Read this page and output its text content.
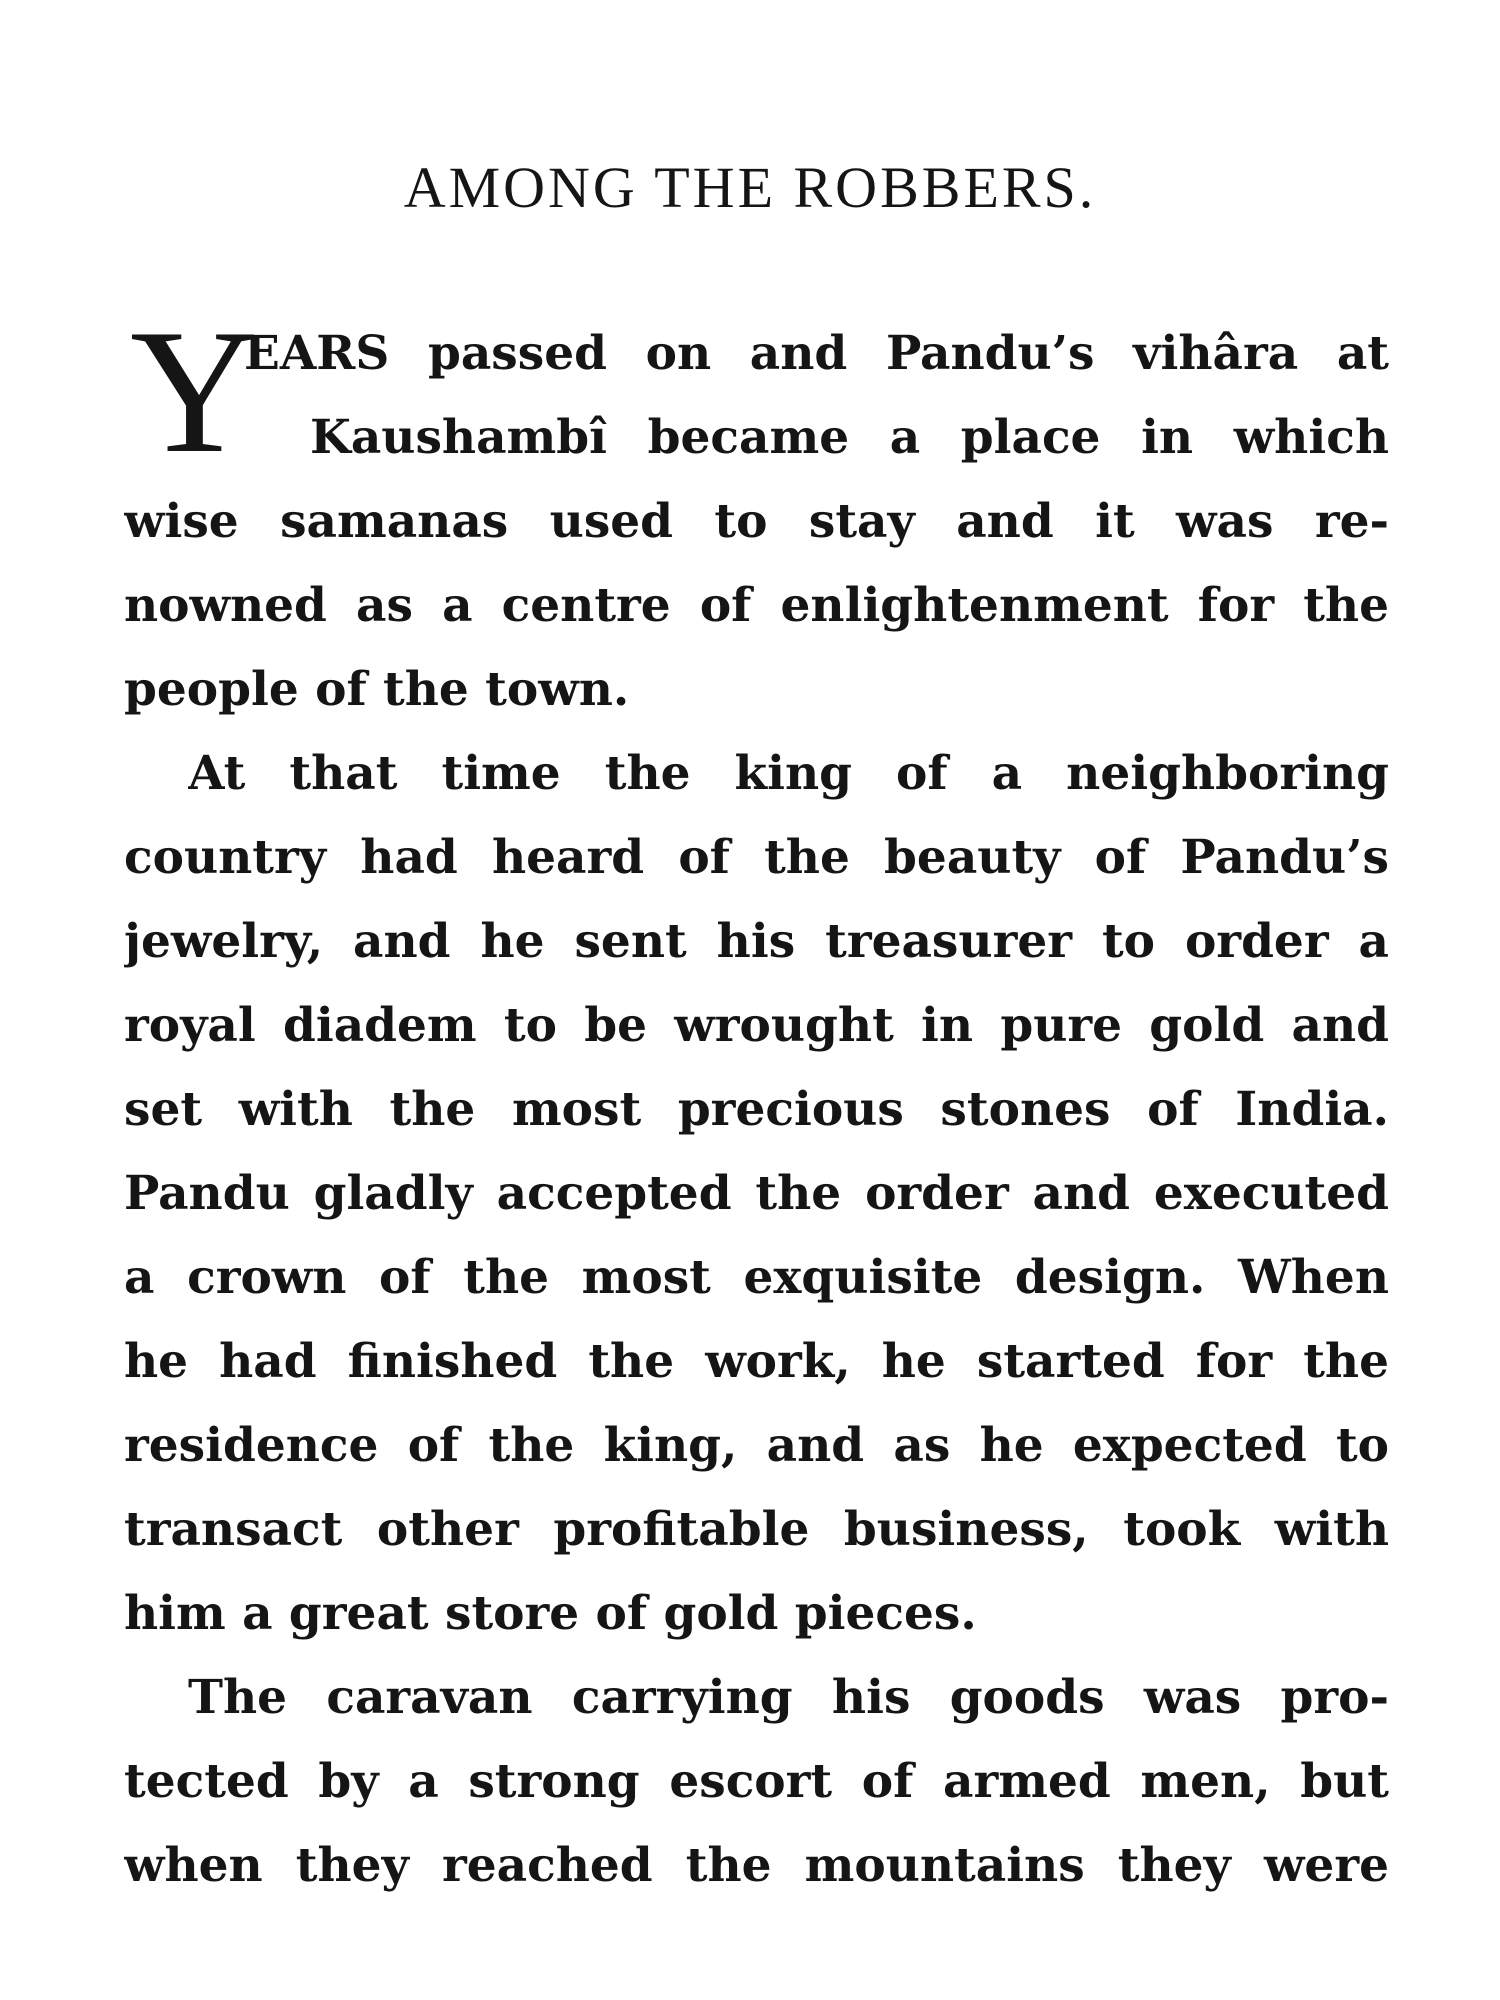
AMONG THE ROBBERS.
Y
EARS passed on and Pandu’s vihâra at
Kaushambî became a place in which
wise samanas used to stay and it was re-
nowned as a centre of enlightenment for the
people of the town.
At that time the king of a neighboring
country had heard of the beauty of Pandu’s
jewelry, and he sent his treasurer to order a
royal diadem to be wrought in pure gold and
set with the most precious stones of India.
Pandu gladly accepted the order and executed
a crown of the most exquisite design. When
he had finished the work, he started for the
residence of the king, and as he expected to
transact other profitable business, took with
him a great store of gold pieces.
The caravan carrying his goods was pro-
tected by a strong escort of armed men, but
when they reached the mountains they were
